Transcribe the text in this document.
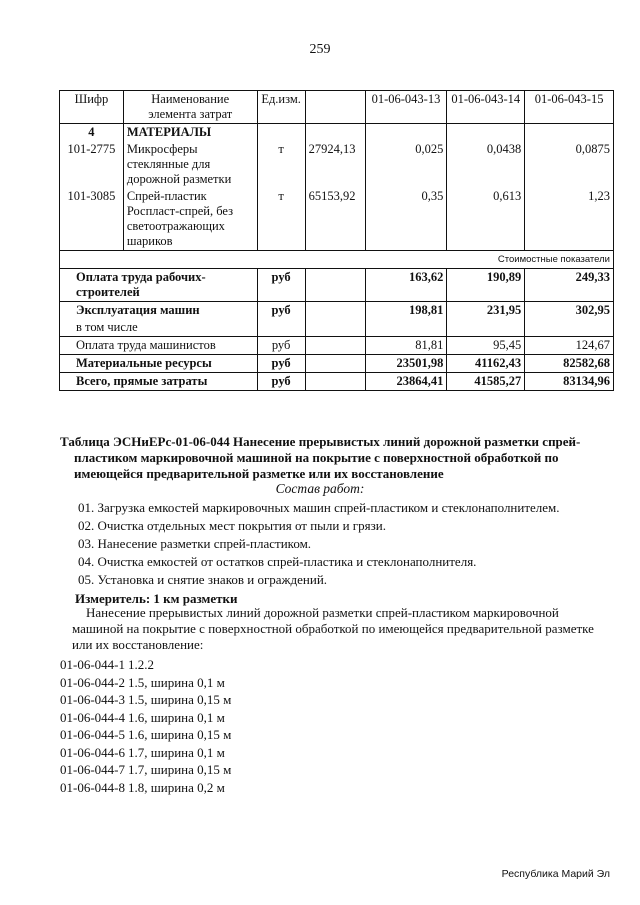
259
Шифр	Наименование элемента затрат	Ед.изм.		01-06-043-13	01-06-043-14	01-06-043-15
4	МАТЕРИАЛЫ					
101-2775	Микросферы стеклянные для дорожной разметки	т	27924,13	0,025	0,0438	0,0875
101-3085	Спрей-пластик Роспласт-спрей, без светоотражающих шариков	т	65153,92	0,35	0,613	1,23
Стоимостные показатели						
Оплата труда рабочих-строителей		руб		163,62	190,89	249,33
Эксплуатация машин		руб		198,81	231,95	302,95
в том числе						
Оплата труда машинистов		руб		81,81	95,45	124,67
Материальные ресурсы		руб		23501,98	41162,43	82582,68
Всего, прямые затраты		руб		23864,41	41585,27	83134,96
Таблица ЭСНиЕРс-01-06-044 Нанесение прерывистых линий дорожной разметки спрей-
пластиком маркировочной машиной на покрытие с поверхностной обработкой по
имеющейся предварительной разметке или их восстановление
Состав работ:
01. Загрузка емкостей маркировочных машин спрей-пластиком и стеклонаполнителем.
02. Очистка отдельных мест покрытия от пыли и грязи.
03. Нанесение разметки спрей-пластиком.
04. Очистка емкостей от остатков спрей-пластика и стеклонаполнителя.
05. Установка и снятие знаков и ограждений.
Измеритель: 1 км разметки
Нанесение прерывистых линий дорожной разметки спрей-пластиком маркировочной машиной на покрытие с поверхностной обработкой по имеющейся предварительной разметке или их восстановление:
01-06-044-1 1.2.2
01-06-044-2 1.5, ширина 0,1 м
01-06-044-3 1.5, ширина 0,15 м
01-06-044-4 1.6, ширина 0,1 м
01-06-044-5 1.6, ширина 0,15 м
01-06-044-6 1.7, ширина 0,1 м
01-06-044-7 1.7, ширина 0,15 м
01-06-044-8 1.8, ширина 0,2 м
Республика Марий Эл
